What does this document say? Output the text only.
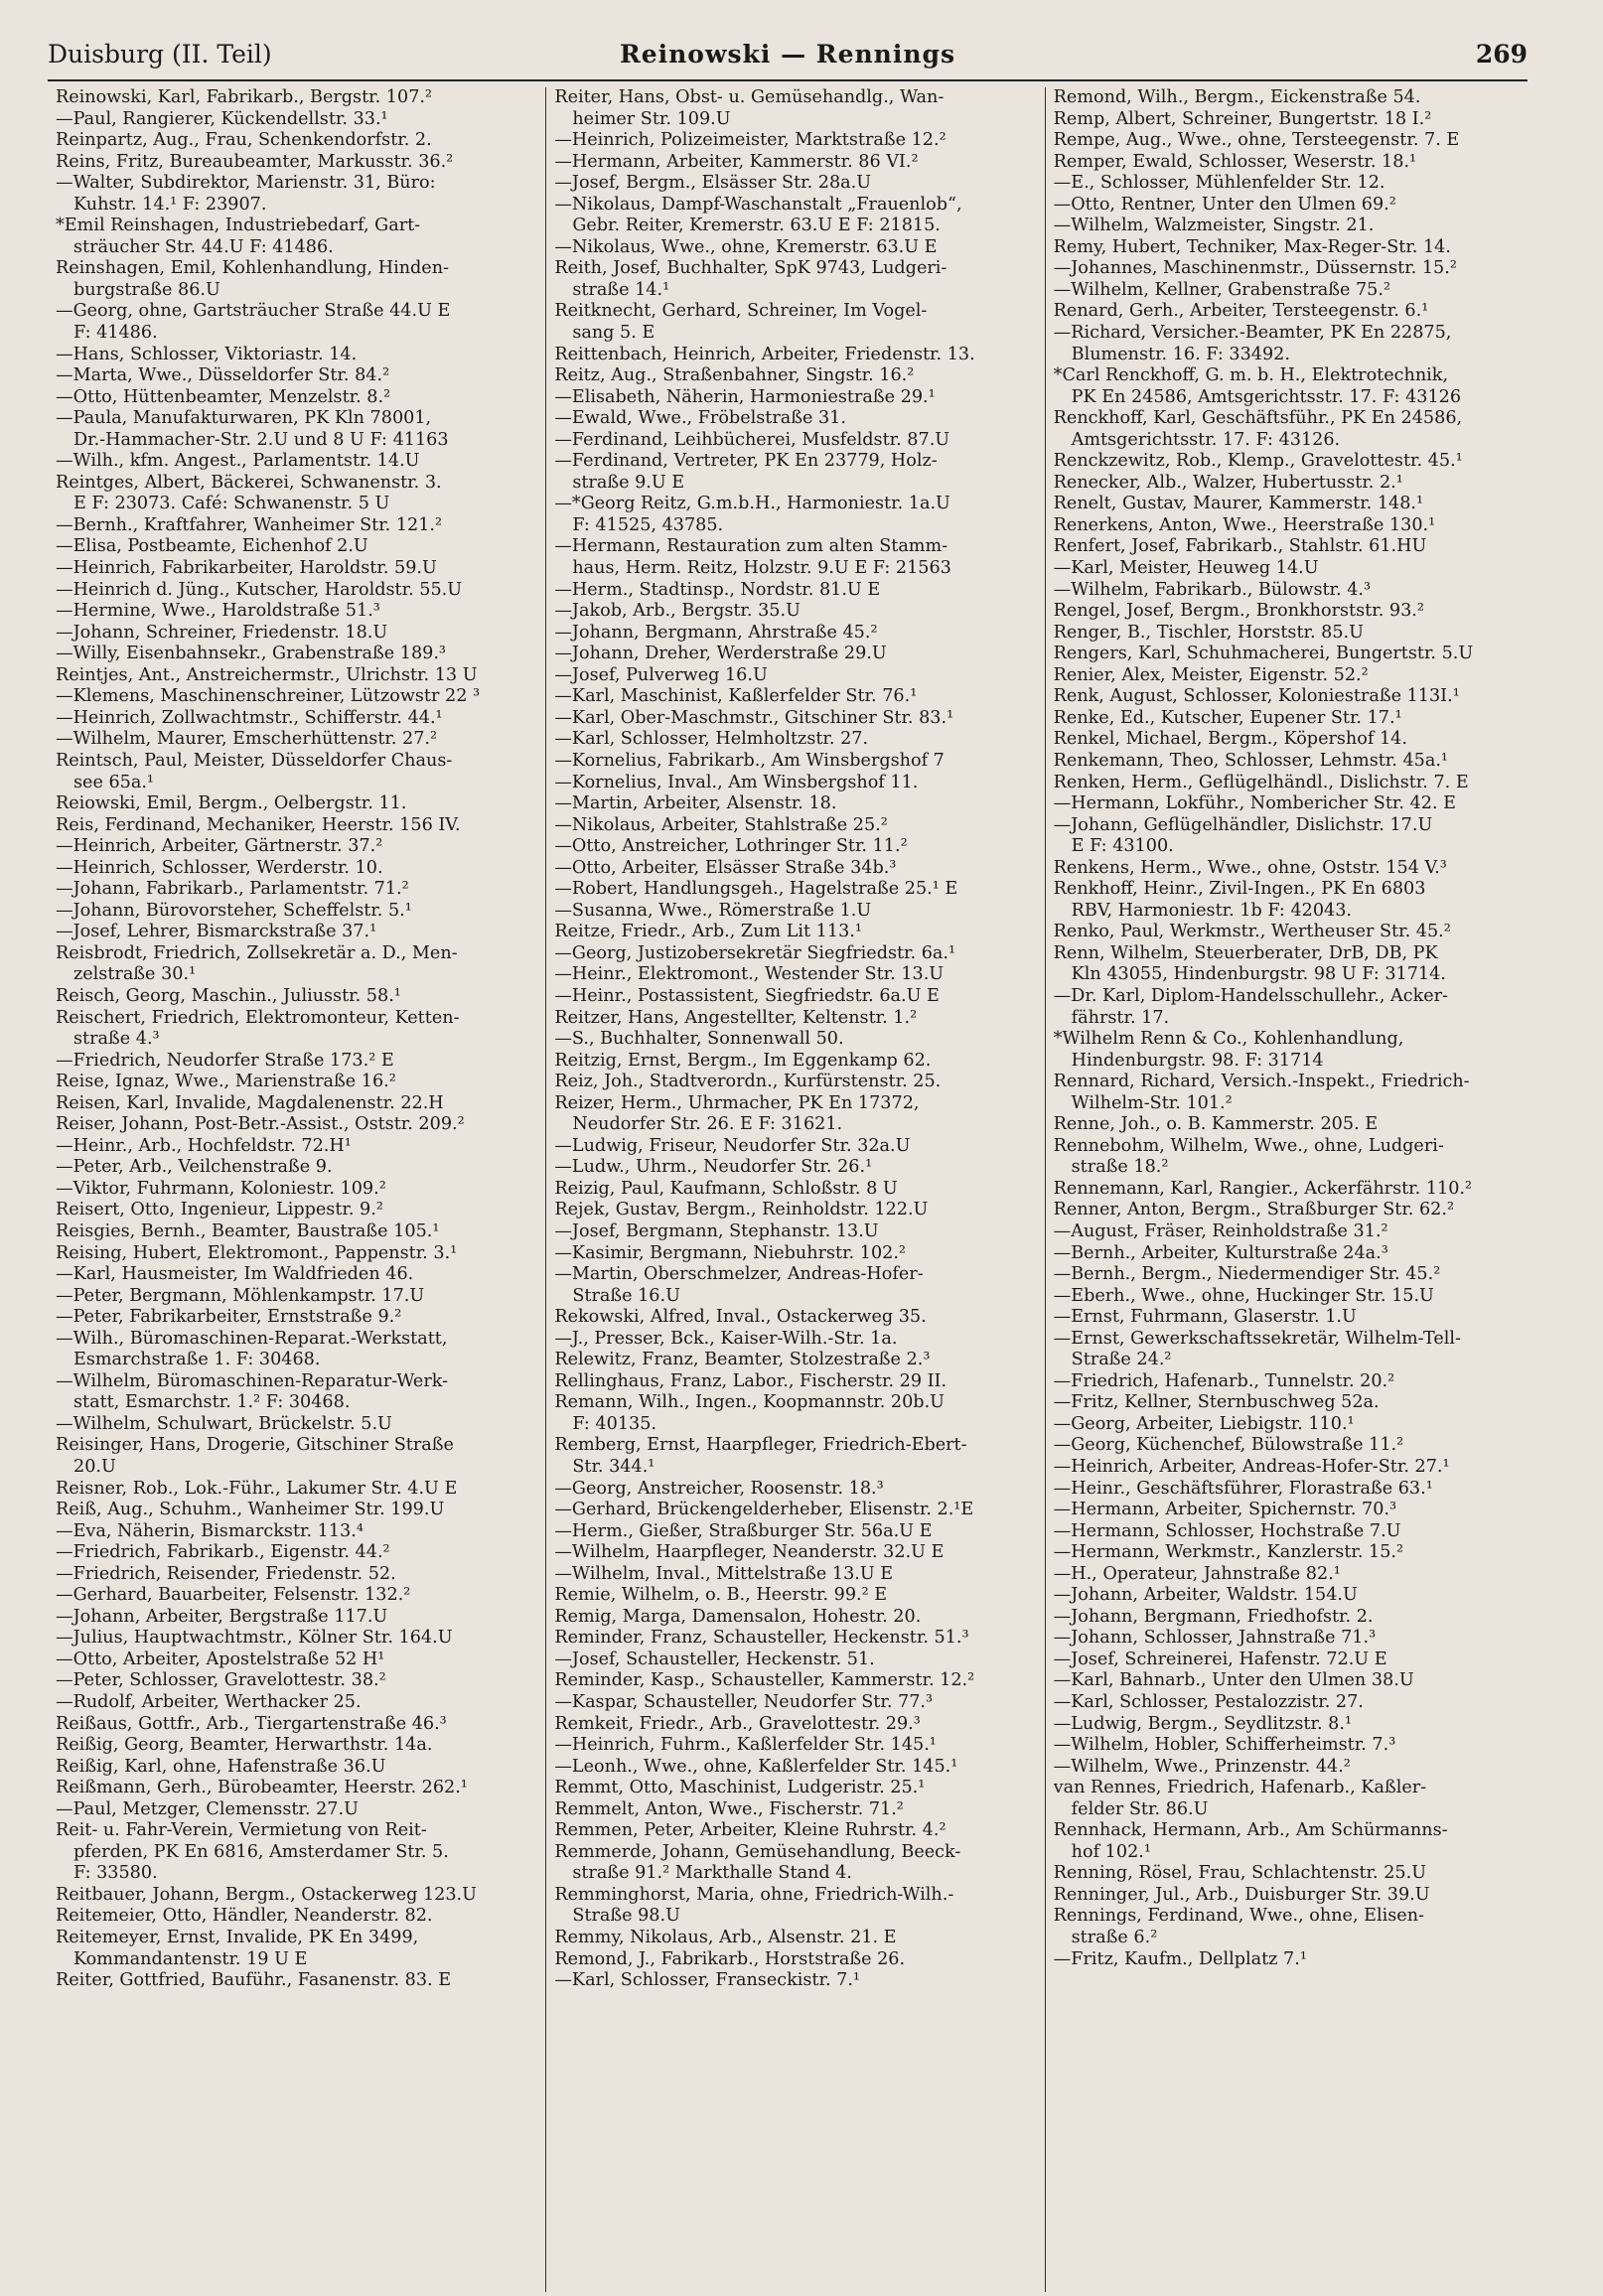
Duisburg (II. Teil)	Reinowski — Rennings	269
Reinowski, Karl, Fabrikarb., Bergstr. 107.²
—Paul, Rangierer, Kückendellstr. 33.¹
Reinpartz, Aug., Frau, Schenkendorfstr. 2.
Reins, Fritz, Bureaubeamter, Markusstr. 36.²
—Walter, Subdirektor, Marienstr. 31, Büro:
Kuhstr. 14.¹ F: 23907.
*Emil Reinshagen, Industriebedarf, Gart-
sträucher Str. 44.U F: 41486.
Reinshagen, Emil, Kohlenhandlung, Hinden-
burgstraße 86.U
—Georg, ohne, Gartsträucher Straße 44.U E
F: 41486.
—Hans, Schlosser, Viktoriastr. 14.
—Marta, Wwe., Düsseldorfer Str. 84.²
—Otto, Hüttenbeamter, Menzelstr. 8.²
—Paula, Manufakturwaren, PK Kln 78001,
Dr.-Hammacher-Str. 2.U und 8 U F: 41163
—Wilh., kfm. Angest., Parlamentstr. 14.U
Reintges, Albert, Bäckerei, Schwanenstr. 3.
E F: 23073. Café: Schwanenstr. 5 U
—Bernh., Kraftfahrer, Wanheimer Str. 121.²
—Elisa, Postbeamte, Eichenhof 2.U
—Heinrich, Fabrikarbeiter, Haroldstr. 59.U
—Heinrich d. Jüng., Kutscher, Haroldstr. 55.U
—Hermine, Wwe., Haroldstraße 51.³
—Johann, Schreiner, Friedenstr. 18.U
—Willy, Eisenbahnsekr., Grabenstraße 189.³
Reintjes, Ant., Anstreichermstr., Ulrichstr. 13 U
—Klemens, Maschinenschreiner, Lützowstr 22 ³
—Heinrich, Zollwachtmstr., Schifferstr. 44.¹
—Wilhelm, Maurer, Emscherhüttenstr. 27.²
Reintsch, Paul, Meister, Düsseldorfer Chaus-
see 65a.¹
Reiowski, Emil, Bergm., Oelbergstr. 11.
Reis, Ferdinand, Mechaniker, Heerstr. 156 IV.
—Heinrich, Arbeiter, Gärtnerstr. 37.²
—Heinrich, Schlosser, Werderstr. 10.
—Johann, Fabrikarb., Parlamentstr. 71.²
—Johann, Bürovorsteher, Scheffelstr. 5.¹
—Josef, Lehrer, Bismarckstraße 37.¹
Reisbrodt, Friedrich, Zollsekretär a. D., Men-
zelstraße 30.¹
Reisch, Georg, Maschin., Juliusstr. 58.¹
Reischert, Friedrich, Elektromonteur, Ketten-
straße 4.³
—Friedrich, Neudorfer Straße 173.² E
Reise, Ignaz, Wwe., Marienstraße 16.²
Reisen, Karl, Invalide, Magdalenenstr. 22.H
Reiser, Johann, Post-Betr.-Assist., Oststr. 209.²
—Heinr., Arb., Hochfeldstr. 72.H¹
—Peter, Arb., Veilchenstraße 9.
—Viktor, Fuhrmann, Koloniestr. 109.²
Reisert, Otto, Ingenieur, Lippestr. 9.²
Reisgies, Bernh., Beamter, Baustraße 105.¹
Reising, Hubert, Elektromont., Pappenstr. 3.¹
—Karl, Hausmeister, Im Waldfrieden 46.
—Peter, Bergmann, Möhlenkampstr. 17.U
—Peter, Fabrikarbeiter, Ernststraße 9.²
—Wilh., Büromaschinen-Reparat.-Werkstatt,
Esmarchstraße 1. F: 30468.
—Wilhelm, Büromaschinen-Reparatur-Werk-
statt, Esmarchstr. 1.² F: 30468.
—Wilhelm, Schulwart, Brückelstr. 5.U
Reisinger, Hans, Drogerie, Gitschiner Straße
20.U
Reisner, Rob., Lok.-Führ., Lakumer Str. 4.U E
Reiß, Aug., Schuhm., Wanheimer Str. 199.U
—Eva, Näherin, Bismarckstr. 113.⁴
—Friedrich, Fabrikarb., Eigenstr. 44.²
—Friedrich, Reisender, Friedenstr. 52.
—Gerhard, Bauarbeiter, Felsenstr. 132.²
—Johann, Arbeiter, Bergstraße 117.U
—Julius, Hauptwachtmstr., Kölner Str. 164.U
—Otto, Arbeiter, Apostelstraße 52 H¹
—Peter, Schlosser, Gravelottestr. 38.²
—Rudolf, Arbeiter, Werthacker 25.
Reißaus, Gottfr., Arb., Tiergartenstraße 46.³
Reißig, Georg, Beamter, Herwarthstr. 14a.
Reißig, Karl, ohne, Hafenstraße 36.U
Reißmann, Gerh., Bürobeamter, Heerstr. 262.¹
—Paul, Metzger, Clemensstr. 27.U
Reit- u. Fahr-Verein, Vermietung von Reit-
pferden, PK En 6816, Amsterdamer Str. 5.
F: 33580.
Reitbauer, Johann, Bergm., Ostackerweg 123.U
Reitemeier, Otto, Händler, Neanderstr. 82.
Reitemeyer, Ernst, Invalide, PK En 3499,
Kommandantenstr. 19 U E
Reiter, Gottfried, Bauführ., Fasanenstr. 83. E
Reiter, Hans, Obst- u. Gemüsehandlg., Wan-
heimer Str. 109.U
—Heinrich, Polizeimeister, Marktstraße 12.²
—Hermann, Arbeiter, Kammerstr. 86 VI.²
—Josef, Bergm., Elsässer Str. 28a.U
—Nikolaus, Dampf-Waschanstalt „Frauenlob“,
Gebr. Reiter, Kremerstr. 63.U E F: 21815.
—Nikolaus, Wwe., ohne, Kremerstr. 63.U E
Reith, Josef, Buchhalter, SpK 9743, Ludgeri-
straße 14.¹
Reitknecht, Gerhard, Schreiner, Im Vogel-
sang 5. E
Reittenbach, Heinrich, Arbeiter, Friedenstr. 13.
Reitz, Aug., Straßenbahner, Singstr. 16.²
—Elisabeth, Näherin, Harmoniestraße 29.¹
—Ewald, Wwe., Fröbelstraße 31.
—Ferdinand, Leihbücherei, Musfeldstr. 87.U
—Ferdinand, Vertreter, PK En 23779, Holz-
straße 9.U E
—*Georg Reitz, G.m.b.H., Harmoniestr. 1a.U
F: 41525, 43785.
—Hermann, Restauration zum alten Stamm-
haus, Herm. Reitz, Holzstr. 9.U E F: 21563
—Herm., Stadtinsp., Nordstr. 81.U E
—Jakob, Arb., Bergstr. 35.U
—Johann, Bergmann, Ahrstraße 45.²
—Johann, Dreher, Werderstraße 29.U
—Josef, Pulverweg 16.U
—Karl, Maschinist, Kaßlerfelder Str. 76.¹
—Karl, Ober-Maschmstr., Gitschiner Str. 83.¹
—Karl, Schlosser, Helmholtzstr. 27.
—Kornelius, Fabrikarb., Am Winsbergshof 7
—Kornelius, Inval., Am Winsbergshof 11.
—Martin, Arbeiter, Alsenstr. 18.
—Nikolaus, Arbeiter, Stahlstraße 25.²
—Otto, Anstreicher, Lothringer Str. 11.²
—Otto, Arbeiter, Elsässer Straße 34b.³
—Robert, Handlungsgeh., Hagelstraße 25.¹ E
—Susanna, Wwe., Römerstraße 1.U
Reitze, Friedr., Arb., Zum Lit 113.¹
—Georg, Justizobersekretär Siegfriedstr. 6a.¹
—Heinr., Elektromont., Westender Str. 13.U
—Heinr., Postassistent, Siegfriedstr. 6a.U E
Reitzer, Hans, Angestellter, Keltenstr. 1.²
—S., Buchhalter, Sonnenwall 50.
Reitzig, Ernst, Bergm., Im Eggenkamp 62.
Reiz, Joh., Stadtverordn., Kurfürstenstr. 25.
Reizer, Herm., Uhrmacher, PK En 17372,
Neudorfer Str. 26. E F: 31621.
—Ludwig, Friseur, Neudorfer Str. 32a.U
—Ludw., Uhrm., Neudorfer Str. 26.¹
Reizig, Paul, Kaufmann, Schloßstr. 8 U
Rejek, Gustav, Bergm., Reinholdstr. 122.U
—Josef, Bergmann, Stephanstr. 13.U
—Kasimir, Bergmann, Niebuhrstr. 102.²
—Martin, Oberschmelzer, Andreas-Hofer-
Straße 16.U
Rekowski, Alfred, Inval., Ostackerweg 35.
—J., Presser, Bck., Kaiser-Wilh.-Str. 1a.
Relewitz, Franz, Beamter, Stolzestraße 2.³
Rellinghaus, Franz, Labor., Fischerstr. 29 II.
Remann, Wilh., Ingen., Koopmannstr. 20b.U
F: 40135.
Remberg, Ernst, Haarpfleger, Friedrich-Ebert-
Str. 344.¹
—Georg, Anstreicher, Roosenstr. 18.³
—Gerhard, Brückengelderheber, Elisenstr. 2.¹E
—Herm., Gießer, Straßburger Str. 56a.U E
—Wilhelm, Haarpfleger, Neanderstr. 32.U E
—Wilhelm, Inval., Mittelstraße 13.U E
Remie, Wilhelm, o. B., Heerstr. 99.² E
Remig, Marga, Damensalon, Hohestr. 20.
Reminder, Franz, Schausteller, Heckenstr. 51.³
—Josef, Schausteller, Heckenstr. 51.
Reminder, Kasp., Schausteller, Kammerstr. 12.²
—Kaspar, Schausteller, Neudorfer Str. 77.³
Remkeit, Friedr., Arb., Gravelottestr. 29.³
—Heinrich, Fuhrm., Kaßlerfelder Str. 145.¹
—Leonh., Wwe., ohne, Kaßlerfelder Str. 145.¹
Remmt, Otto, Maschinist, Ludgeristr. 25.¹
Remmelt, Anton, Wwe., Fischerstr. 71.²
Remmen, Peter, Arbeiter, Kleine Ruhrstr. 4.²
Remmerde, Johann, Gemüsehandlung, Beeck-
straße 91.² Markthalle Stand 4.
Remminghorst, Maria, ohne, Friedrich-Wilh.-
Straße 98.U
Remmy, Nikolaus, Arb., Alsenstr. 21. E
Remond, J., Fabrikarb., Horststraße 26.
—Karl, Schlosser, Franseckistr. 7.¹
Remond, Wilh., Bergm., Eickenstraße 54.
Remp, Albert, Schreiner, Bungertstr. 18 I.²
Rempe, Aug., Wwe., ohne, Tersteegenstr. 7. E
Remper, Ewald, Schlosser, Weserstr. 18.¹
—E., Schlosser, Mühlenfelder Str. 12.
—Otto, Rentner, Unter den Ulmen 69.²
—Wilhelm, Walzmeister, Singstr. 21.
Remy, Hubert, Techniker, Max-Reger-Str. 14.
—Johannes, Maschinenmstr., Düssernstr. 15.²
—Wilhelm, Kellner, Grabenstraße 75.²
Renard, Gerh., Arbeiter, Tersteegenstr. 6.¹
—Richard, Versicher.-Beamter, PK En 22875,
Blumenstr. 16. F: 33492.
*Carl Renckhoff, G. m. b. H., Elektrotechnik,
PK En 24586, Amtsgerichtsstr. 17. F: 43126
Renckhoff, Karl, Geschäftsführ., PK En 24586,
Amtsgerichtsstr. 17. F: 43126.
Renckzewitz, Rob., Klemp., Gravelottestr. 45.¹
Renecker, Alb., Walzer, Hubertusstr. 2.¹
Renelt, Gustav, Maurer, Kammerstr. 148.¹
Renerkens, Anton, Wwe., Heerstraße 130.¹
Renfert, Josef, Fabrikarb., Stahlstr. 61.HU
—Karl, Meister, Heuweg 14.U
—Wilhelm, Fabrikarb., Bülowstr. 4.³
Rengel, Josef, Bergm., Bronkhorststr. 93.²
Renger, B., Tischler, Horststr. 85.U
Rengers, Karl, Schuhmacherei, Bungertstr. 5.U
Renier, Alex, Meister, Eigenstr. 52.²
Renk, August, Schlosser, Koloniestraße 113I.¹
Renke, Ed., Kutscher, Eupener Str. 17.¹
Renkel, Michael, Bergm., Köpershof 14.
Renkemann, Theo, Schlosser, Lehmstr. 45a.¹
Renken, Herm., Geflügelhändl., Dislichstr. 7. E
—Hermann, Lokführ., Nombericher Str. 42. E
—Johann, Geflügelhändler, Dislichstr. 17.U
E F: 43100.
Renkens, Herm., Wwe., ohne, Oststr. 154 V.³
Renkhoff, Heinr., Zivil-Ingen., PK En 6803
RBV, Harmoniestr. 1b F: 42043.
Renko, Paul, Werkmstr., Wertheuser Str. 45.²
Renn, Wilhelm, Steuerberater, DrB, DB, PK
Kln 43055, Hindenburgstr. 98 U F: 31714.
—Dr. Karl, Diplom-Handelsschullehr., Acker-
fährstr. 17.
*Wilhelm Renn & Co., Kohlenhandlung,
Hindenburgstr. 98. F: 31714
Rennard, Richard, Versich.-Inspekt., Friedrich-
Wilhelm-Str. 101.²
Renne, Joh., o. B. Kammerstr. 205. E
Rennebohm, Wilhelm, Wwe., ohne, Ludgeri-
straße 18.²
Rennemann, Karl, Rangier., Ackerfährstr. 110.²
Renner, Anton, Bergm., Straßburger Str. 62.²
—August, Fräser, Reinholdstraße 31.²
—Bernh., Arbeiter, Kulturstraße 24a.³
—Bernh., Bergm., Niedermendiger Str. 45.²
—Eberh., Wwe., ohne, Huckinger Str. 15.U
—Ernst, Fuhrmann, Glaserstr. 1.U
—Ernst, Gewerkschaftssekretär, Wilhelm-Tell-
Straße 24.²
—Friedrich, Hafenarb., Tunnelstr. 20.²
—Fritz, Kellner, Sternbuschweg 52a.
—Georg, Arbeiter, Liebigstr. 110.¹
—Georg, Küchenchef, Bülowstraße 11.²
—Heinrich, Arbeiter, Andreas-Hofer-Str. 27.¹
—Heinr., Geschäftsführer, Florastraße 63.¹
—Hermann, Arbeiter, Spichernstr. 70.³
—Hermann, Schlosser, Hochstraße 7.U
—Hermann, Werkmstr., Kanzlerstr. 15.²
—H., Operateur, Jahnstraße 82.¹
—Johann, Arbeiter, Waldstr. 154.U
—Johann, Bergmann, Friedhofstr. 2.
—Johann, Schlosser, Jahnstraße 71.³
—Josef, Schreinerei, Hafenstr. 72.U E
—Karl, Bahnarb., Unter den Ulmen 38.U
—Karl, Schlosser, Pestalozzistr. 27.
—Ludwig, Bergm., Seydlitzstr. 8.¹
—Wilhelm, Hobler, Schifferheimstr. 7.³
—Wilhelm, Wwe., Prinzenstr. 44.²
van Rennes, Friedrich, Hafenarb., Kaßler-
felder Str. 86.U
Rennhack, Hermann, Arb., Am Schürmanns-
hof 102.¹
Renning, Rösel, Frau, Schlachtenstr. 25.U
Renninger, Jul., Arb., Duisburger Str. 39.U
Rennings, Ferdinand, Wwe., ohne, Elisen-
straße 6.²
—Fritz, Kaufm., Dellplatz 7.¹
